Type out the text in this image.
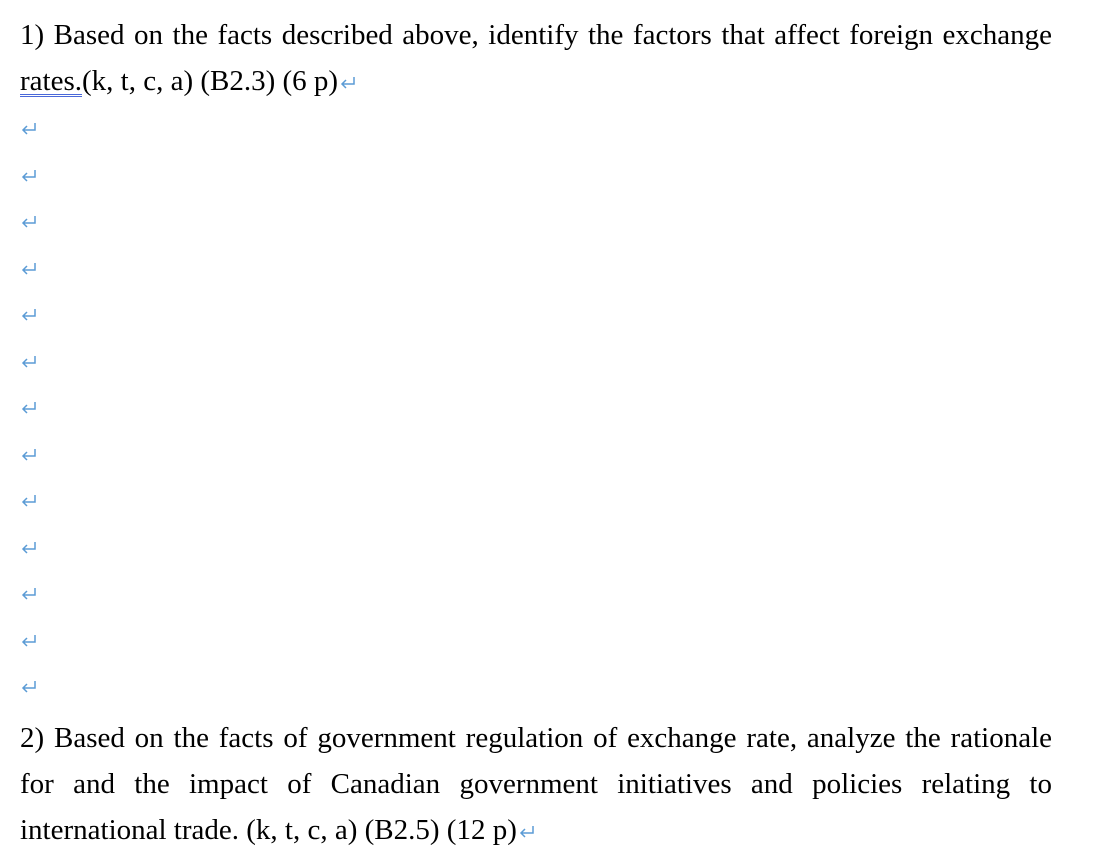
1) Based on the facts described above, identify the factors that affect foreign exchange rates.(k, t, c, a) (B2.3) (6 p)

2) Based on the facts of government regulation of exchange rate, analyze the rationale for and the impact of Canadian government initiatives and policies relating to international trade. (k, t, c, a) (B2.5) (12 p)
